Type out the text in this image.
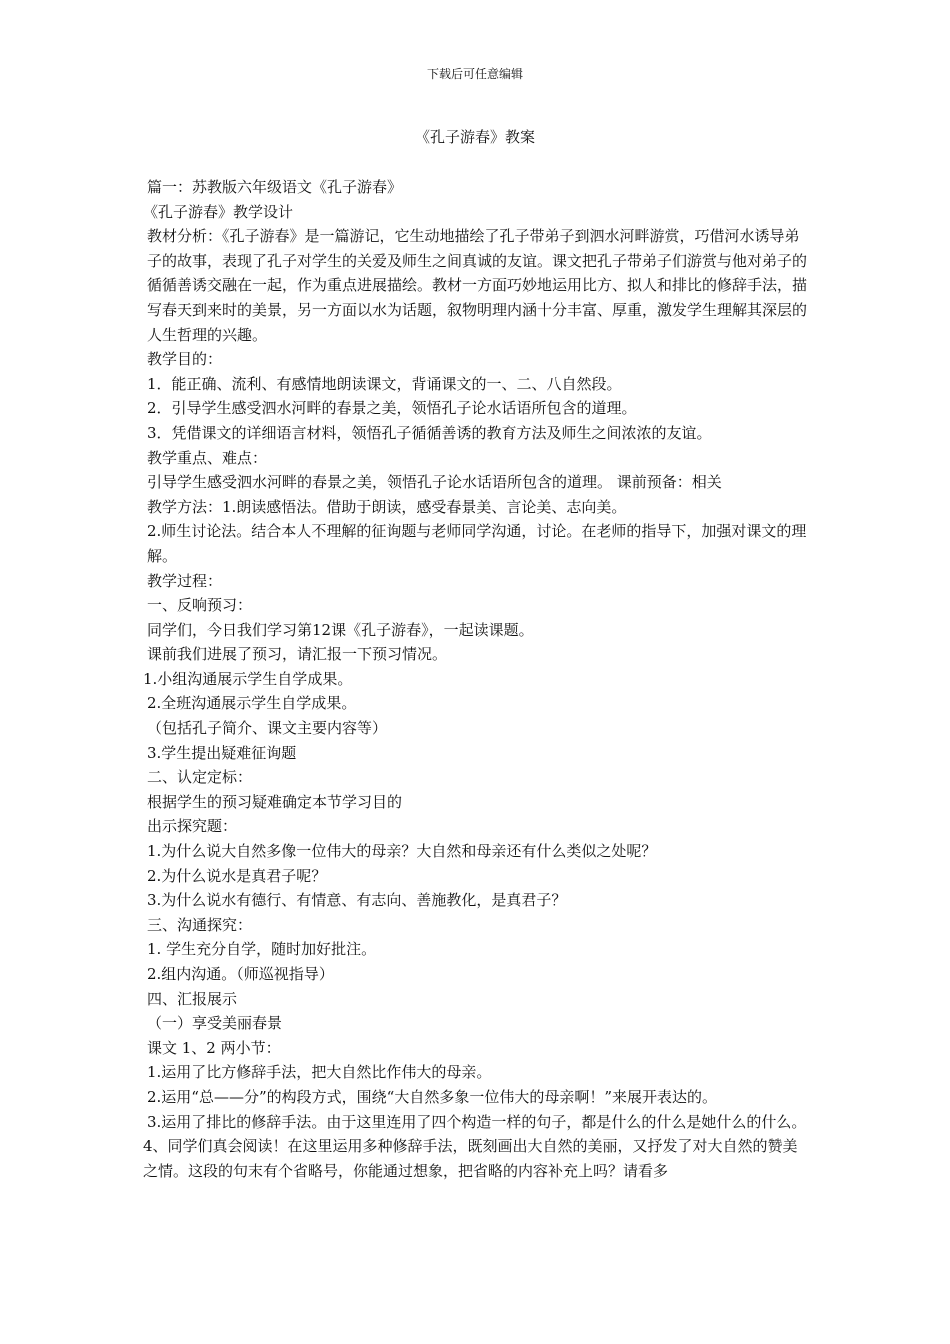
下载后可任意编辑
《孔子游春》教案

篇一：苏教版六年级语文《孔子游春》

《孔子游春》教学设计

教材分析：《孔子游春》是一篇游记，它生动地描绘了孔子带弟子到泗水河畔游赏，巧借河水诱导弟子的故事，表现了孔子对学生的关爱及师生之间真诚的友谊。课文把孔子带弟子们游赏与他对弟子的循循善诱交融在一起，作为重点进展描绘。教材一方面巧妙地运用比方、拟人和排比的修辞手法，描写春天到来时的美景，另一方面以水为话题，叙物明理内涵十分丰富、厚重，激发学生理解其深层的人生哲理的兴趣。

教学目的：

1．能正确、流利、有感情地朗读课文，背诵课文的一、二、八自然段。

2．引导学生感受泗水河畔的春景之美，领悟孔子论水话语所包含的道理。

3．凭借课文的详细语言材料，领悟孔子循循善诱的教育方法及师生之间浓浓的友谊。

教学重点、难点：

引导学生感受泗水河畔的春景之美，领悟孔子论水话语所包含的道理。 课前预备：相关

教学方法：1.朗读感悟法。借助于朗读，感受春景美、言论美、志向美。

2.师生讨论法。结合本人不理解的征询题与老师同学沟通，讨论。在老师的指导下，加强对课文的理解。

教学过程：

一、反响预习：

同学们，今日我们学习第12课《孔子游春》，一起读课题。

课前我们进展了预习，请汇报一下预习情况。

1.小组沟通展示学生自学成果。

2.全班沟通展示学生自学成果。

（包括孔子简介、课文主要内容等）

3.学生提出疑难征询题

二、认定定标：

根据学生的预习疑难确定本节学习目的

出示探究题：

1.为什么说大自然多像一位伟大的母亲？大自然和母亲还有什么类似之处呢？

2.为什么说水是真君子呢？

3.为什么说水有德行、有情意、有志向、善施教化，是真君子？

三、沟通探究：

1. 学生充分自学，随时加好批注。

2.组内沟通。（师巡视指导）

四、汇报展示

（一）享受美丽春景

课文 1、2 两小节：

1.运用了比方修辞手法，把大自然比作伟大的母亲。

2.运用“总——分”的构段方式，围绕“大自然多象一位伟大的母亲啊！”来展开表达的。

3.运用了排比的修辞手法。由于这里连用了四个构造一样的句子，都是什么的什么是她什么的什么。

4、同学们真会阅读！在这里运用多种修辞手法，既刻画出大自然的美丽，又抒发了对大自然的赞美之情。这段的句末有个省略号，你能通过想象，把省略的内容补充上吗？请看多
